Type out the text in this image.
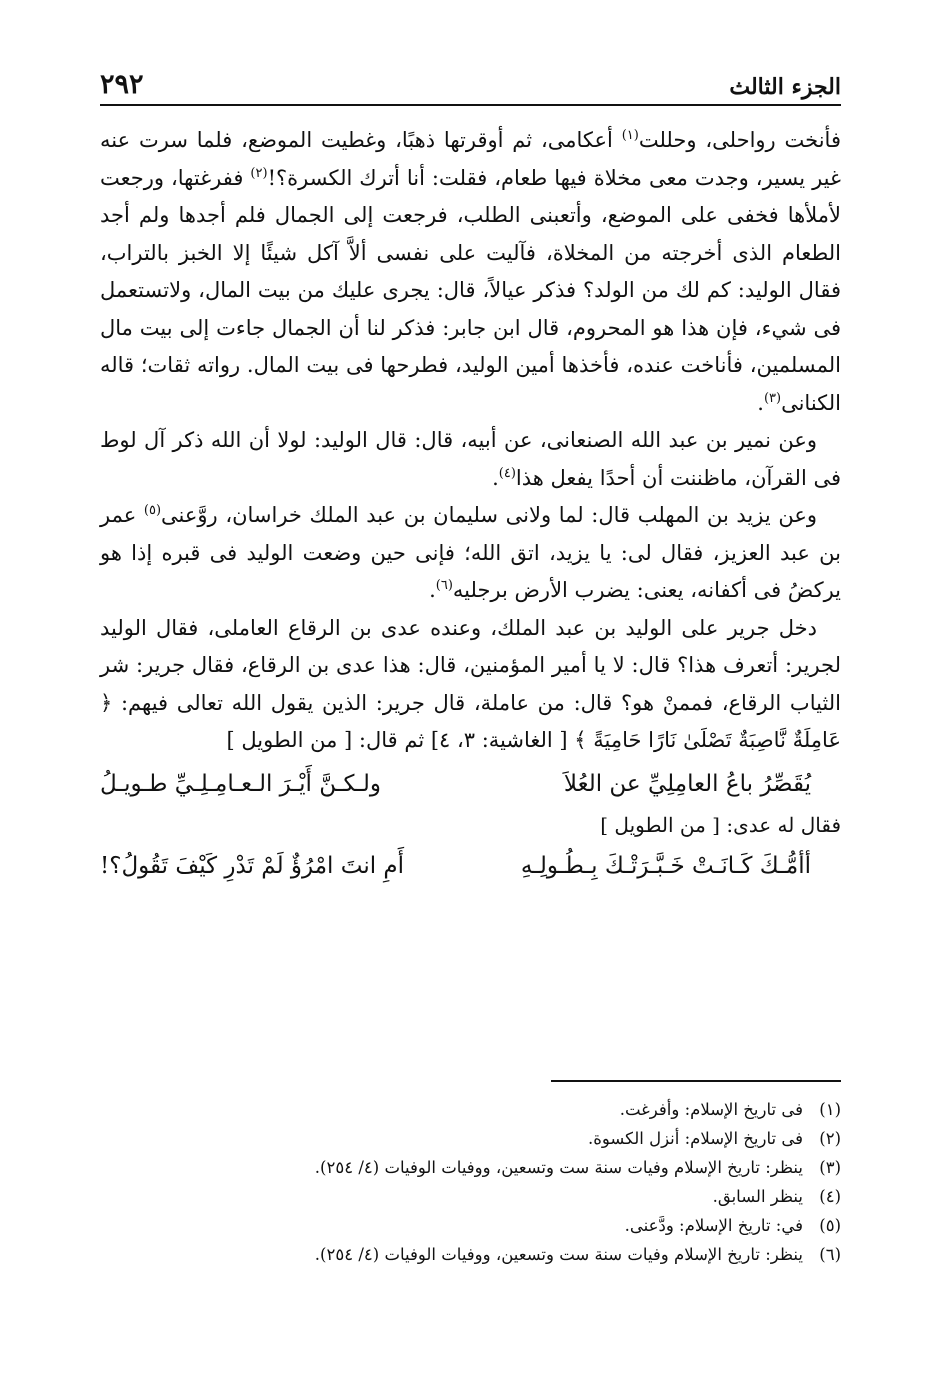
الجزء الثالث
٢٩٢

فأنخت رواحلى، وحللت$^{(١)}$ أعكامى، ثم أوقرتها ذهبًا، وغطيت الموضع، فلما سرت عنه غير يسير، وجدت معى مخلاة فيها طعام، فقلت: أنا أترك الكسرة؟!$^{(٢)}$ ففرغتها، ورجعت لأملأها فخفى على الموضع، وأتعبنى الطلب، فرجعت إلى الجمال فلم أجدها ولم أجد الطعام الذى أخرجته من المخلاة، فآليت على نفسى ألاَّ آكل شيئًا إلا الخبز بالتراب، فقال الوليد: كم لك من الولد؟ فذكر عيالاً، قال: يجرى عليك من بيت المال، ولاتستعمل فى شيء، فإن هذا هو المحروم، قال ابن جابر: فذكر لنا أن الجمال جاءت إلى بيت مال المسلمين، فأناخت عنده، فأخذها أمين الوليد، فطرحها فى بيت المال. رواته ثقات؛ قاله الكنانى$^{(٣)}$.

وعن نمير بن عبد الله الصنعانى، عن أبيه، قال: قال الوليد: لولا أن الله ذكر آل لوط فى القرآن، ماظننت أن أحدًا يفعل هذا$^{(٤)}$.

وعن يزيد بن المهلب قال: لما ولانى سليمان بن عبد الملك خراسان، روَّعنى$^{(٥)}$ عمر بن عبد العزيز، فقال لى: يا يزيد، اتق الله؛ فإنى حين وضعت الوليد فى قبره إذا هو يركضُ فى أكفانه، يعنى: يضرب الأرض برجليه$^{(٦)}$.

دخل جرير على الوليد بن عبد الملك، وعنده عدى بن الرقاع العاملى، فقال الوليد لجرير: أتعرف هذا؟ قال: لا يا أمير المؤمنين، قال: هذا عدى بن الرقاع، فقال جرير: شر الثياب الرقاع، فممنْ هو؟ قال: من عاملة، قال جرير: الذين يقول الله تعالى فيهم: ﴿ عَامِلَةٌ نَّاصِبَةٌ تَصْلَىٰ نَارًا حَامِيَةً ﴾ [ الغاشية: ٣، ٤] ثم قال: [ من الطويل ]

يُقَصِّرُ باعُ العامِلِيِّ عن العُلاَ
ولـكـنَّ أَيْـرَ الـعـامِـلِـيِّ طـويـلُ
فقال له عدى: [ من الطويل ]
أأمُّـكَ كَـانَـتْ خَـبَّـرَتْـكَ بِـطُـولِـهِ
أَمِ انتَ امْرُؤٌ لَمْ تَدْرِ كَيْفَ تَقُولُ؟!
(١)
فى تاريخ الإسلام: وأفرغت.
(٢)
فى تاريخ الإسلام: أنزل الكسوة.
(٣)
ينظر: تاريخ الإسلام وفيات سنة ست وتسعين، ووفيات الوفيات (٤/ ٢٥٤).
(٤)
ينظر السابق.
(٥)
في: تاريخ الإسلام: ودَّعنى.
(٦)
ينظر: تاريخ الإسلام وفيات سنة ست وتسعين، ووفيات الوفيات (٤/ ٢٥٤).
